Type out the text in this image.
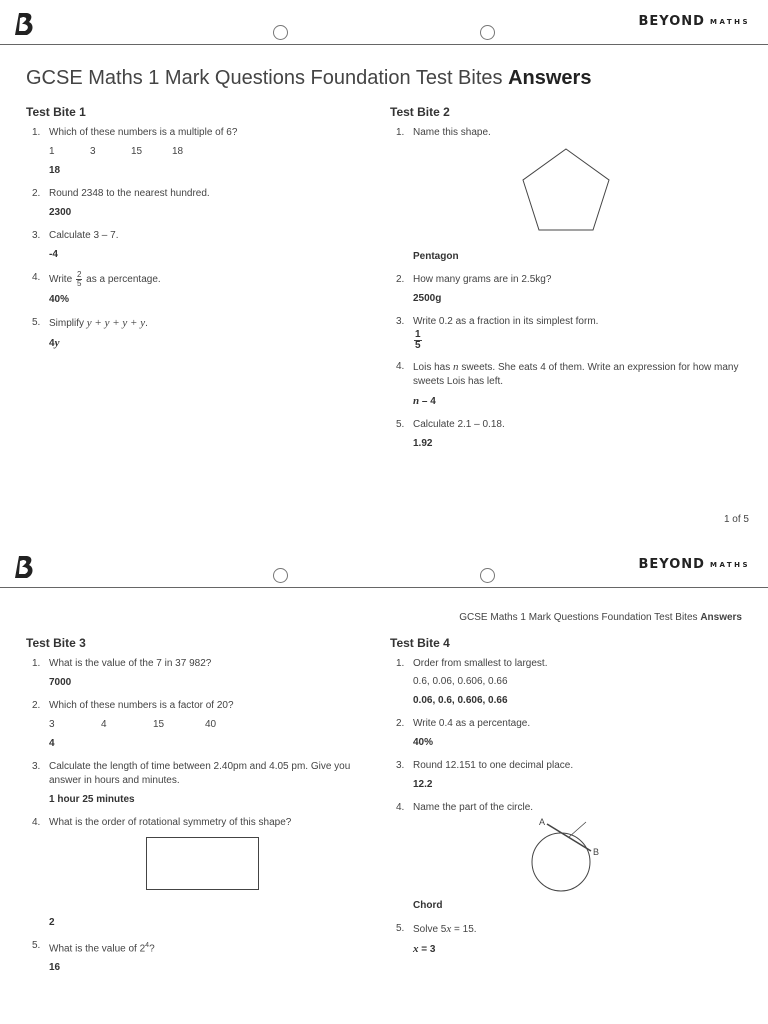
BEYOND MATHS
GCSE Maths 1 Mark Questions Foundation Test Bites Answers
Test Bite 1
1. Which of these numbers is a multiple of 6?
1	3	15	18
18
2. Round 2348 to the nearest hundred.
2300
3. Calculate 3 – 7.
-4
4. Write $\frac{2}{5}$ as a percentage.
40%
5. Simplify y + y + y + y.
4y
Test Bite 2
1. Name this shape.
Pentagon
2. How many grams are in 2.5kg?
2500g
3. Write 0.2 as a fraction in its simplest form.
$\frac{1}{5}$
4. Lois has n sweets. She eats 4 of them. Write an expression for how many sweets Lois has left.
n – 4
5. Calculate 2.1 – 0.18.
1.92
1 of 5
BEYOND MATHS
GCSE Maths 1 Mark Questions Foundation Test Bites Answers
Test Bite 3
1. What is the value of the 7 in 37 982?
7000
2. Which of these numbers is a factor of 20?
3	4	15	40
4
3. Calculate the length of time between 2.40pm and 4.05 pm. Give you answer in hours and minutes.
1 hour 25 minutes
4. What is the order of rotational symmetry of this shape?
2
5. What is the value of $2^4$?
16
Test Bite 4
1. Order from smallest to largest.
0.6, 0.06, 0.606, 0.66
0.06, 0.6, 0.606, 0.66
2. Write 0.4 as a percentage.
40%
3. Round 12.151 to one decimal place.
12.2
4. Name the part of the circle.
A
B
Chord
5. Solve 5x = 15.
x = 3
